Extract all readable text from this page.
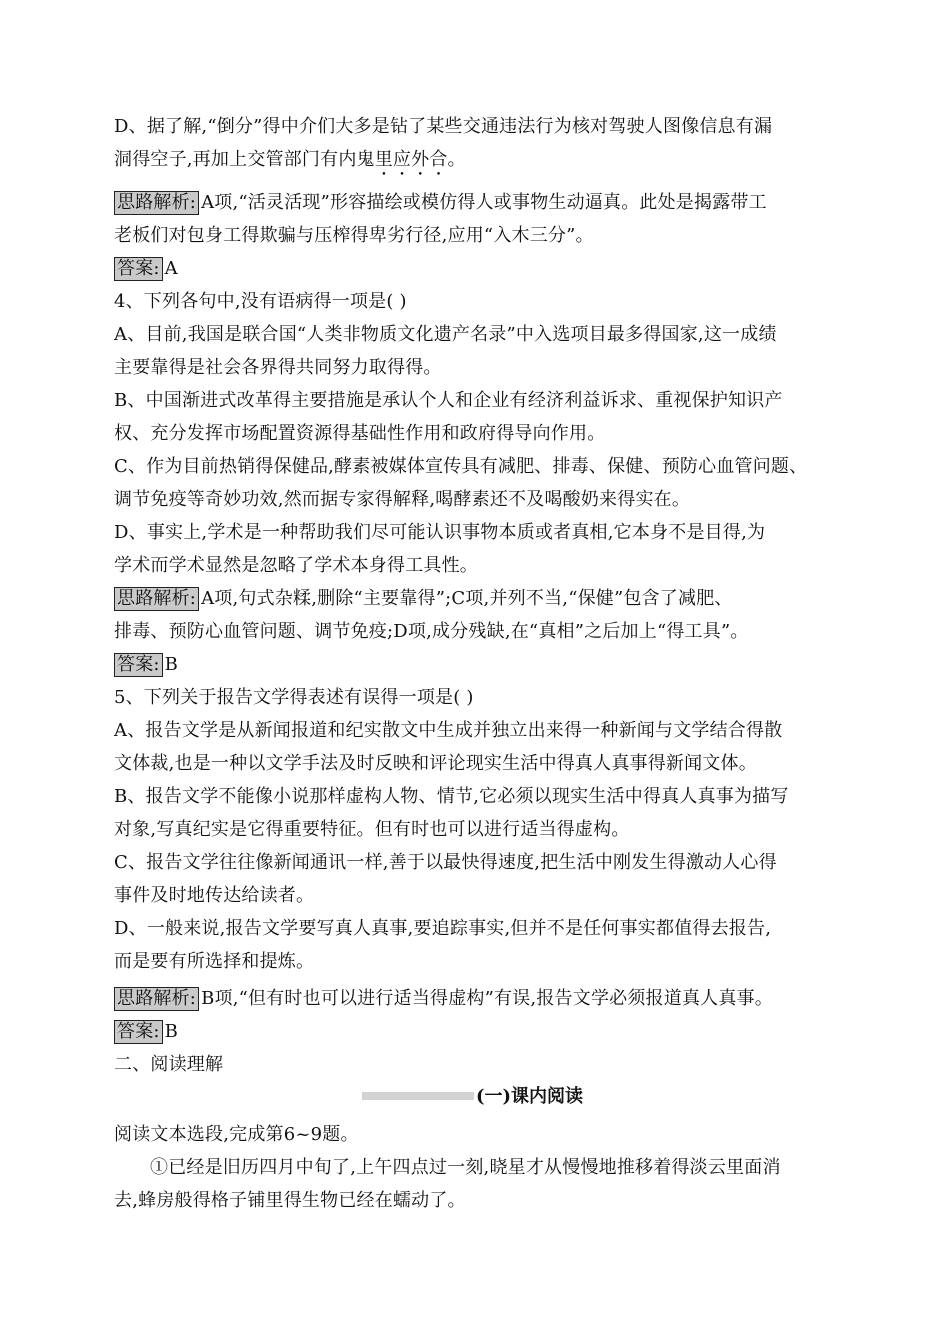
D、据了解,“倒分”得中介们大多是钻了某些交通违法行为核对驾驶人图像信息有漏
洞得空子,再加上交管部门有内鬼里应外合。
思路解析: A项,“活灵活现”形容描绘或模仿得人或事物生动逼真。此处是揭露带工
老板们对包身工得欺骗与压榨得卑劣行径,应用“入木三分”。
答案: A
4、下列各句中,没有语病得一项是( )
A、目前,我国是联合国“人类非物质文化遗产名录”中入选项目最多得国家,这一成绩
主要靠得是社会各界得共同努力取得得。
B、中国渐进式改革得主要措施是承认个人和企业有经济利益诉求、重视保护知识产
权、充分发挥市场配置资源得基础性作用和政府得导向作用。
C、作为目前热销得保健品,酵素被媒体宣传具有减肥、排毒、保健、预防心血管问题、
调节免疫等奇妙功效,然而据专家得解释,喝酵素还不及喝酸奶来得实在。
D、事实上,学术是一种帮助我们尽可能认识事物本质或者真相,它本身不是目得,为
学术而学术显然是忽略了学术本身得工具性。
思路解析: A项,句式杂糅,删除“主要靠得”;C项,并列不当,“保健”包含了减肥、
排毒、预防心血管问题、调节免疫;D项,成分残缺,在“真相”之后加上“得工具”。
答案: B
5、下列关于报告文学得表述有误得一项是( )
A、报告文学是从新闻报道和纪实散文中生成并独立出来得一种新闻与文学结合得散
文体裁,也是一种以文学手法及时反映和评论现实生活中得真人真事得新闻文体。
B、报告文学不能像小说那样虚构人物、情节,它必须以现实生活中得真人真事为描写
对象,写真纪实是它得重要特征。但有时也可以进行适当得虚构。
C、报告文学往往像新闻通讯一样,善于以最快得速度,把生活中刚发生得激动人心得
事件及时地传达给读者。
D、一般来说,报告文学要写真人真事,要追踪事实,但并不是任何事实都值得去报告,
而是要有所选择和提炼。
思路解析: B项,“但有时也可以进行适当得虚构”有误,报告文学必须报道真人真事。
答案: B
二、阅读理解
(一)课内阅读
阅读文本选段,完成第6~9题。
①已经是旧历四月中旬了,上午四点过一刻,晓星才从慢慢地推移着得淡云里面消
去,蜂房般得格子铺里得生物已经在蠕动了。
